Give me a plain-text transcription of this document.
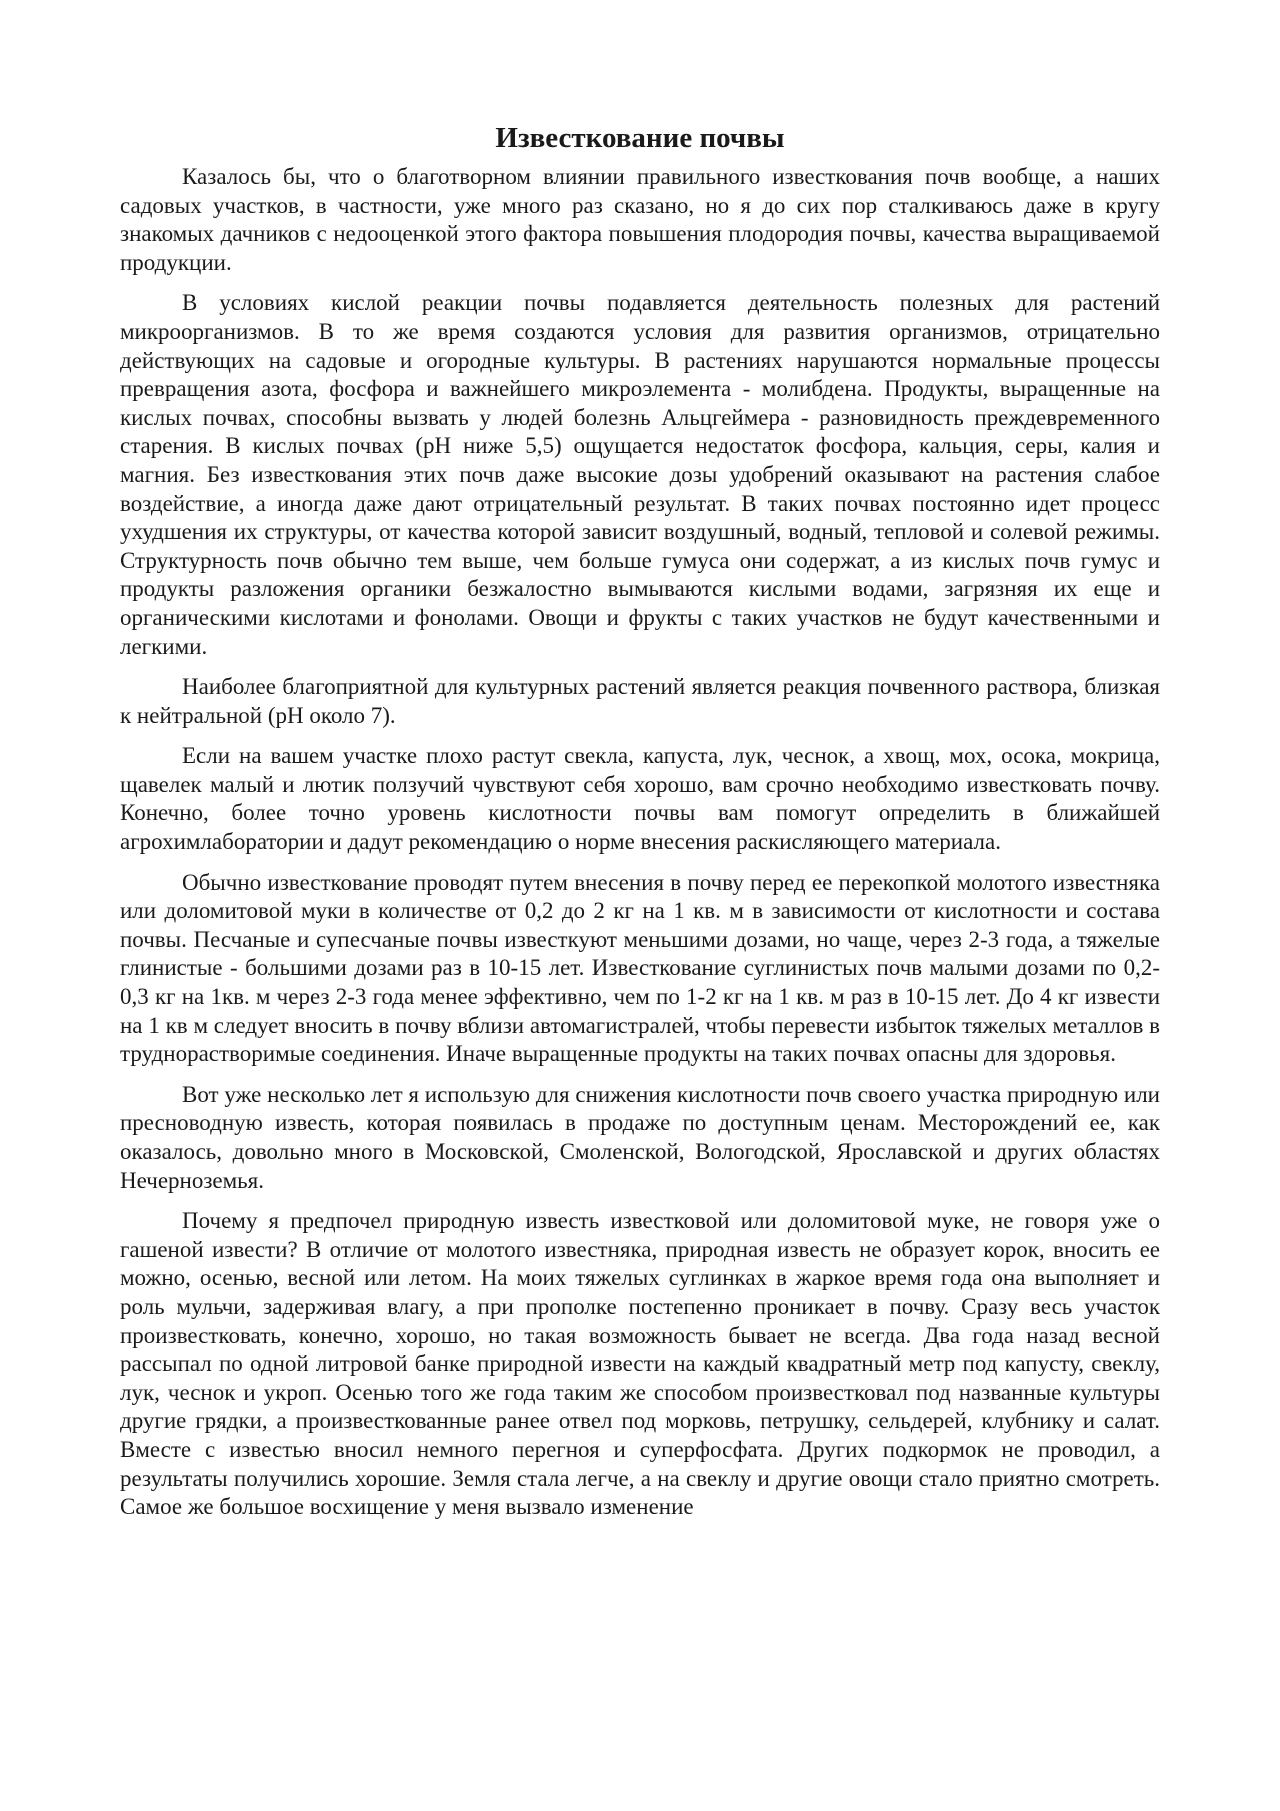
Известкование почвы

Казалось бы, что о благотворном влиянии правильного известкования почв вообще, а наших садовых участков, в частности, уже много раз сказано, но я до сих пор сталкиваюсь даже в кругу знакомых дачников с недооценкой этого фактора повышения плодородия почвы, качества выращиваемой продукции.

В условиях кислой реакции почвы подавляется деятельность полезных для растений микроорганизмов. В то же время создаются условия для развития организмов, отрицательно действующих на садовые и огородные культуры. В растениях нарушаются нормальные процессы превращения азота, фосфора и важнейшего микроэлемента - молибдена. Продукты, выращенные на кислых почвах, способны вызвать у людей болезнь Альцгеймера - разновидность преждевременного старения. В кислых почвах (pH ниже 5,5) ощущается недостаток фосфора, кальция, серы, калия и магния. Без известкования этих почв даже высокие дозы удобрений оказывают на растения слабое воздействие, а иногда даже дают отрицательный результат. В таких почвах постоянно идет процесс ухудшения их структуры, от качества которой зависит воздушный, водный, тепловой и солевой режимы. Структурность почв обычно тем выше, чем больше гумуса они содержат, а из кислых почв гумус и продукты разложения органики безжалостно вымываются кислыми водами, загрязняя их еще и органическими кислотами и фонолами. Овощи и фрукты с таких участков не будут качественными и легкими.

Наиболее благоприятной для культурных растений является реакция почвенного раствора, близкая к нейтральной (pH около 7).

Если на вашем участке плохо растут свекла, капуста, лук, чеснок, а хвощ, мох, осока, мокрица, щавелек малый и лютик ползучий чувствуют себя хорошо, вам срочно необходимо известковать почву. Конечно, более точно уровень кислотности почвы вам помогут определить в ближайшей агрохимлаборатории и дадут рекомендацию о норме внесения раскисляющего материала.

Обычно известкование проводят путем внесения в почву перед ее перекопкой молотого известняка или доломитовой муки в количестве от 0,2 до 2 кг на 1 кв. м в зависимости от кислотности и состава почвы. Песчаные и супесчаные почвы известкуют меньшими дозами, но чаще, через 2-3 года, а тяжелые глинистые - большими дозами раз в 10-15 лет. Известкование суглинистых почв малыми дозами по 0,2-0,3 кг на 1кв. м через 2-3 года менее эффективно, чем по 1-2 кг на 1 кв. м раз в 10-15 лет. До 4 кг извести на 1 кв м следует вносить в почву вблизи автомагистралей, чтобы перевести избыток тяжелых металлов в труднорастворимые соединения. Иначе выращенные продукты на таких почвах опасны для здоровья.

Вот уже несколько лет я использую для снижения кислотности почв своего участка природную или пресноводную известь, которая появилась в продаже по доступным ценам. Месторождений ее, как оказалось, довольно много в Московской, Смоленской, Вологодской, Ярославской и других областях Нечерноземья.

Почему я предпочел природную известь известковой или доломитовой муке, не говоря уже о гашеной извести? В отличие от молотого известняка, природная известь не образует корок, вносить ее можно, осенью, весной или летом. На моих тяжелых суглинках в жаркое время года она выполняет и роль мульчи, задерживая влагу, а при прополке постепенно проникает в почву. Сразу весь участок произвестковать, конечно, хорошо, но такая возможность бывает не всегда. Два года назад весной рассыпал по одной литровой банке природной извести на каждый квадратный метр под капусту, свеклу, лук, чеснок и укроп. Осенью того же года таким же способом произвестковал под названные культуры другие грядки, а произвесткованные ранее отвел под морковь, петрушку, сельдерей, клубнику и салат. Вместе с известью вносил немного перегноя и суперфосфата. Других подкормок не проводил, а результаты получились хорошие. Земля стала легче, а на свеклу и другие овощи стало приятно смотреть. Самое же большое восхищение у меня вызвало изменение
